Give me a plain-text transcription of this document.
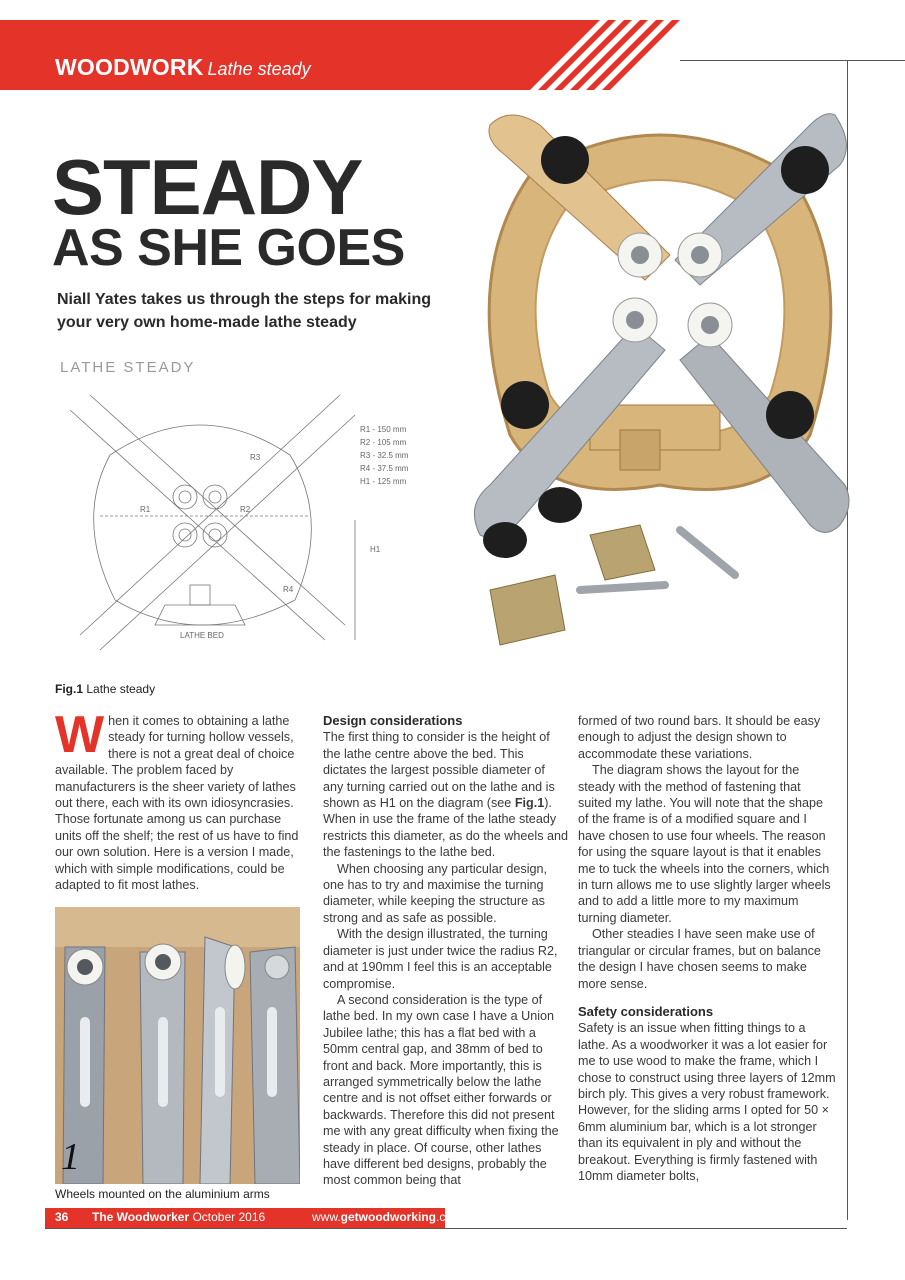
WOODWORK Lathe steady
STEADY
AS SHE GOES
Niall Yates takes us through the steps for making your very own home-made lathe steady
LATHE STEADY
R1	R2
R3
R4
H1
LATHE BED
R1 - 150 mm
R2 - 105 mm
R3 - 32.5 mm
R4 - 37.5 mm
H1 - 125 mm
Fig.1 Lathe steady

When it comes to obtaining a lathe steady for turning hollow vessels, there is not a great deal of choice available. The problem faced by manufacturers is the sheer variety of lathes out there, each with its own idiosyncrasies. Those fortunate among us can purchase units off the shelf; the rest of us have to find our own solution. Here is a version I made, which with simple modifications, could be adapted to fit most lathes.

1
Wheels mounted on the aluminium arms
Design considerations

The first thing to consider is the height of the lathe centre above the bed. This dictates the largest possible diameter of any turning carried out on the lathe and is shown as H1 on the diagram (see Fig.1). When in use the frame of the lathe steady restricts this diameter, as do the wheels and the fastenings to the lathe bed.

When choosing any particular design, one has to try and maximise the turning diameter, while keeping the structure as strong and as safe as possible.

With the design illustrated, the turning diameter is just under twice the radius R2, and at 190mm I feel this is an acceptable compromise.

A second consideration is the type of lathe bed. In my own case I have a Union Jubilee lathe; this has a flat bed with a 50mm central gap, and 38mm of bed to front and back. More importantly, this is arranged symmetrically below the lathe centre and is not offset either forwards or backwards. Therefore this did not present me with any great difficulty when fixing the steady in place. Of course, other lathes have different bed designs, probably the most common being that

formed of two round bars. It should be easy enough to adjust the design shown to accommodate these variations.

The diagram shows the layout for the steady with the method of fastening that suited my lathe. You will note that the shape of the frame is of a modified square and I have chosen to use four wheels. The reason for using the square layout is that it enables me to tuck the wheels into the corners, which in turn allows me to use slightly larger wheels and to add a little more to my maximum turning diameter.

Other steadies I have seen make use of triangular or circular frames, but on balance the design I have chosen seems to make more sense.

Safety considerations

Safety is an issue when fitting things to a lathe. As a woodworker it was a lot easier for me to use wood to make the frame, which I chose to construct using three layers of 12mm birch ply. This gives a very robust framework. However, for the sliding arms I opted for 50 × 6mm aluminium bar, which is a lot stronger than its equivalent in ply and without the breakout. Everything is firmly fastened with 10mm diameter bolts,

36 The Woodworker October 2016	www.getwoodworking.com
